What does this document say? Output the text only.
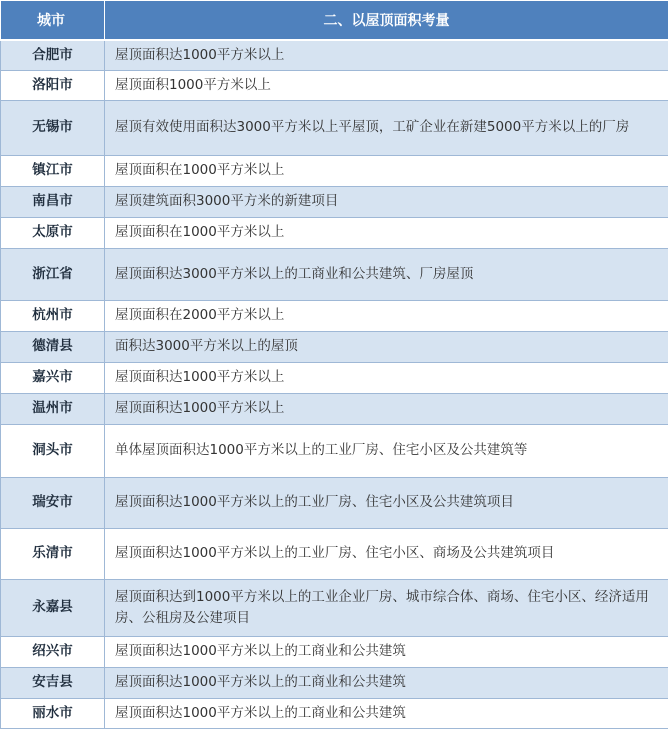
城市	二、以屋顶面积考量
合肥市	屋顶面积达1000平方米以上
洛阳市	屋顶面积1000平方米以上
无锡市	屋顶有效使用面积达3000平方米以上平屋顶，工矿企业在新建5000平方米以上的厂房
镇江市	屋顶面积在1000平方米以上
南昌市	屋顶建筑面积3000平方米的新建项目
太原市	屋顶面积在1000平方米以上
浙江省	屋顶面积达3000平方米以上的工商业和公共建筑、厂房屋顶
杭州市	屋顶面积在2000平方米以上
德清县	面积达3000平方米以上的屋顶
嘉兴市	屋顶面积达1000平方米以上
温州市	屋顶面积达1000平方米以上
洞头市	单体屋顶面积达1000平方米以上的工业厂房、住宅小区及公共建筑等
瑞安市	屋顶面积达1000平方米以上的工业厂房、住宅小区及公共建筑项目
乐清市	屋顶面积达1000平方米以上的工业厂房、住宅小区、商场及公共建筑项目
永嘉县	屋顶面积达到1000平方米以上的工业企业厂房、城市综合体、商场、住宅小区、经济适用房、公租房及公建项目
绍兴市	屋顶面积达1000平方米以上的工商业和公共建筑
安吉县	屋顶面积达1000平方米以上的工商业和公共建筑
丽水市	屋顶面积达1000平方米以上的工商业和公共建筑
